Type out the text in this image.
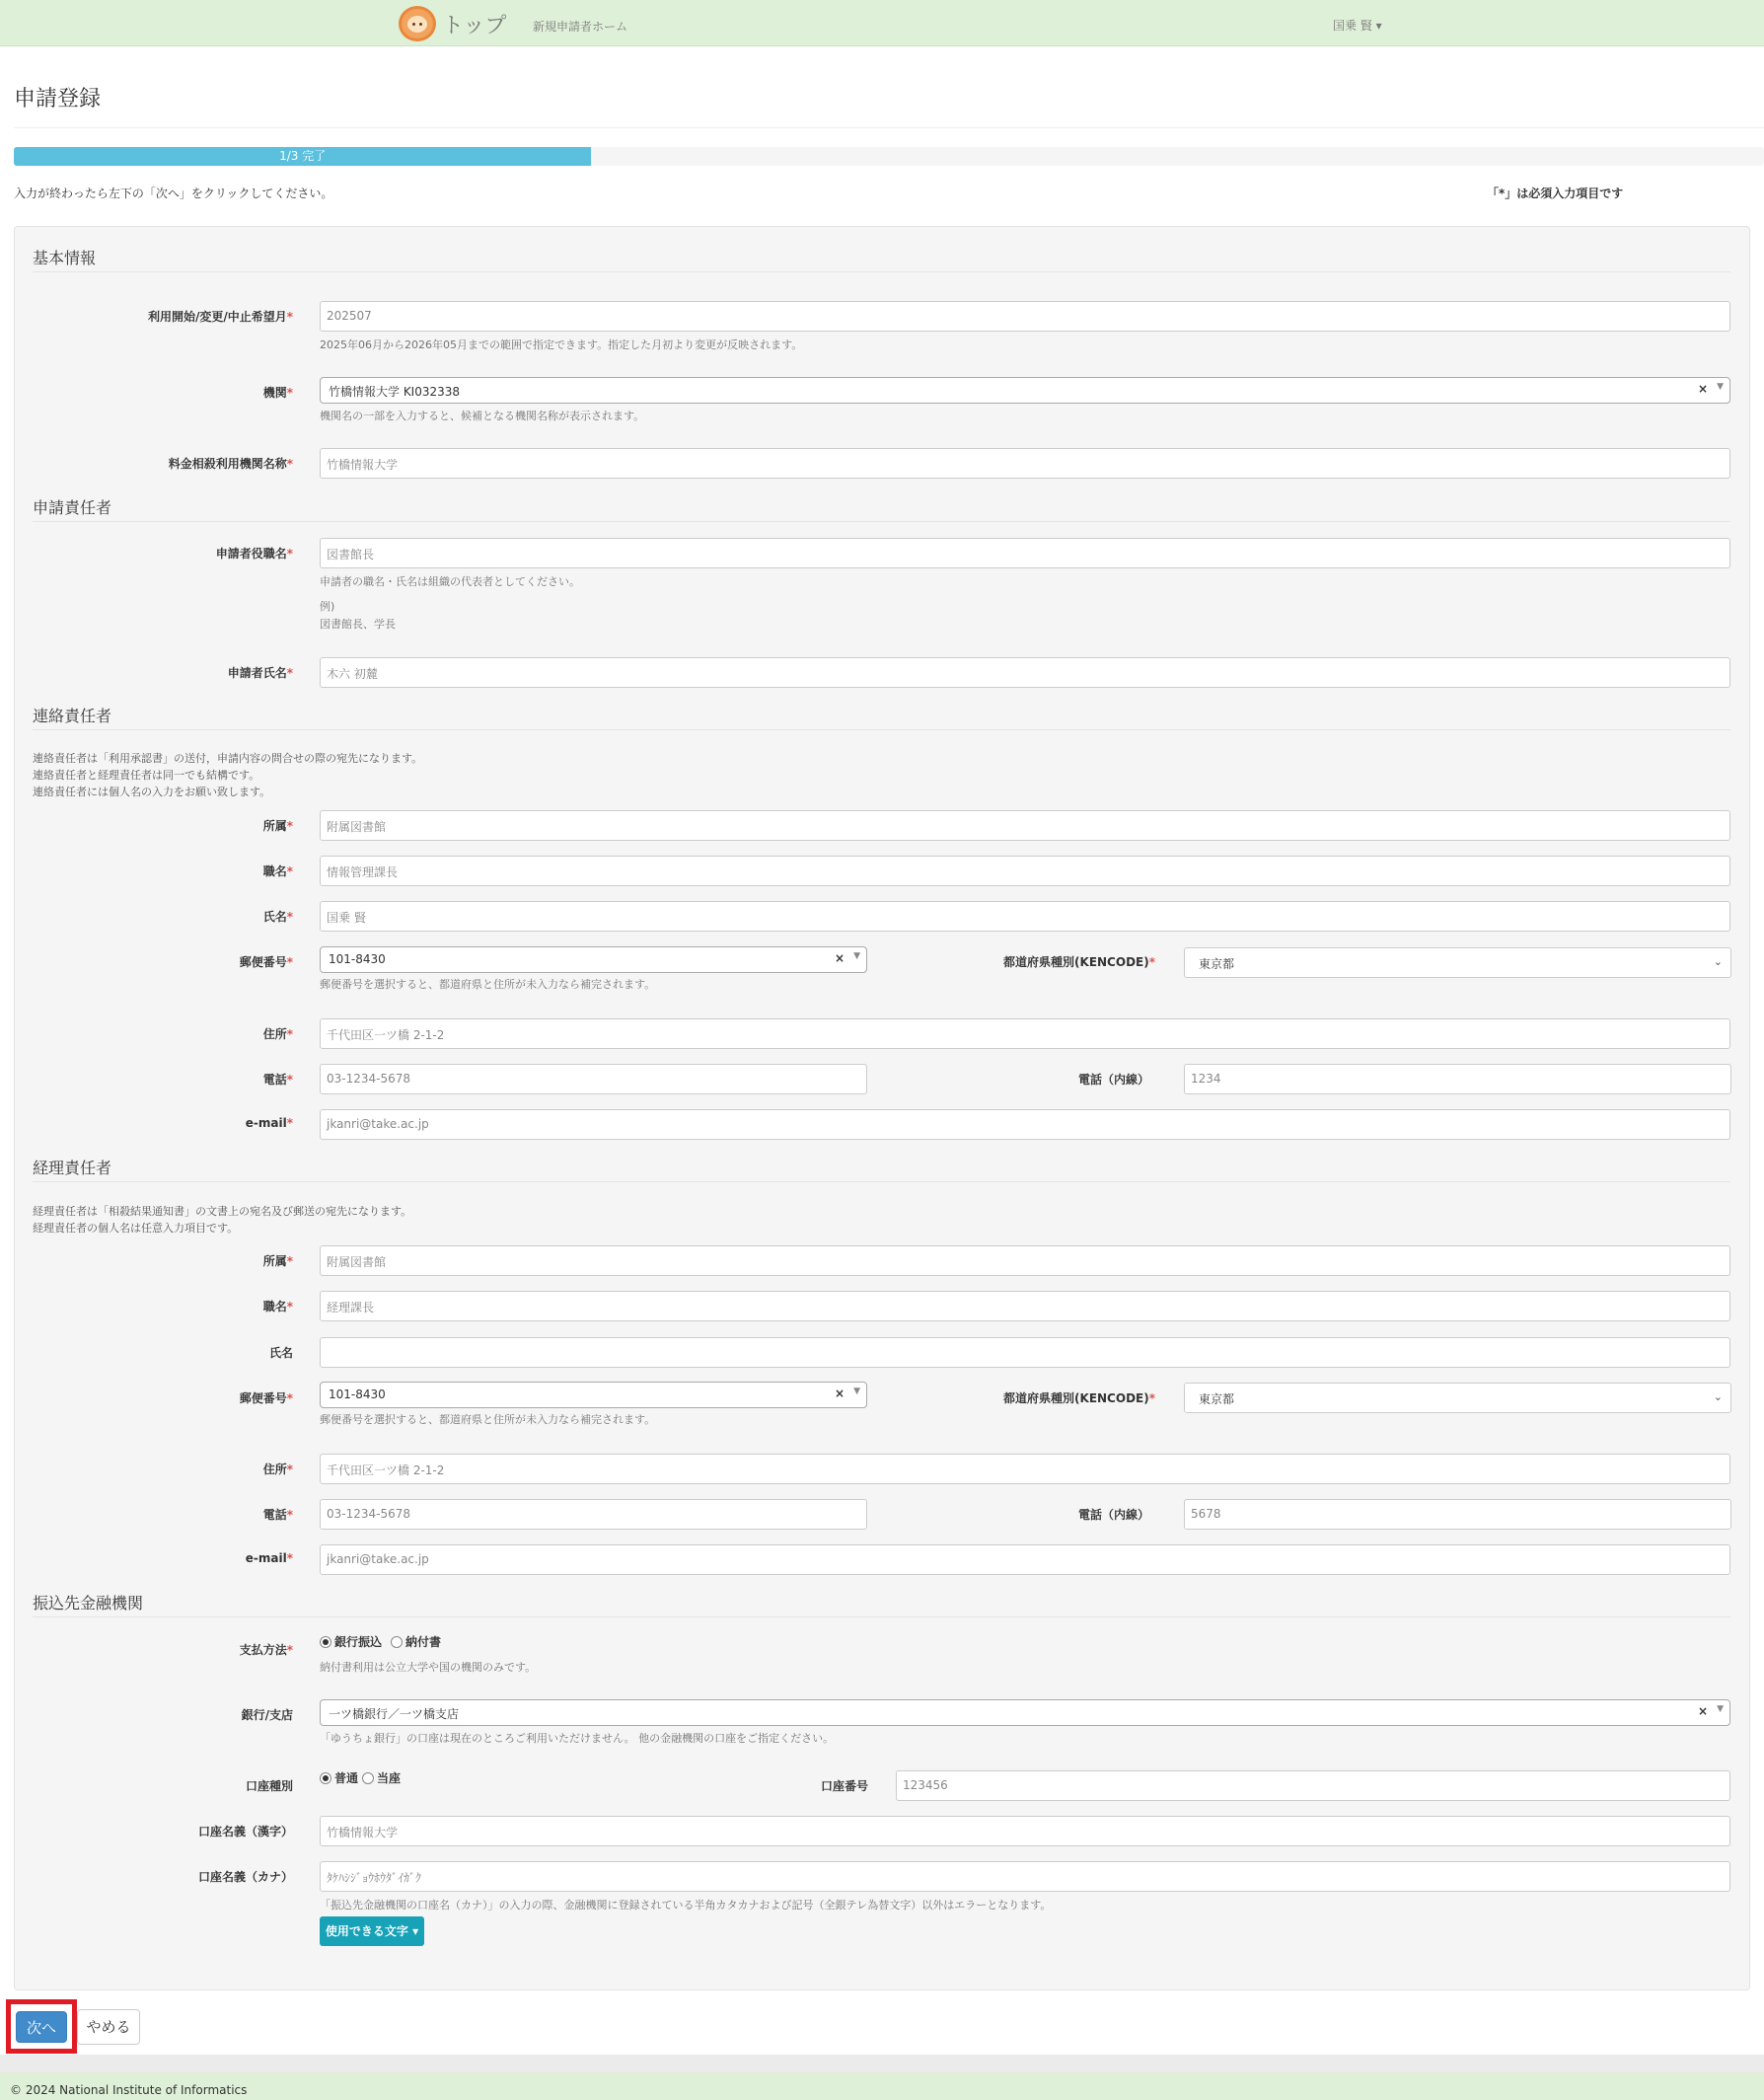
トップ 新規申請者ホーム	国乗 賢 ▾
申請登録
1/3 完了
入力が終わったら左下の「次へ」をクリックしてください。	「*」は必須入力項目です
基本情報
利用開始/変更/中止希望月*	202507
2025年06月から2026年05月までの範囲で指定できます。指定した月初より変更が反映されます。
機関*	竹橋情報大学 KI032338	× ▼
機関名の一部を入力すると、候補となる機関名称が表示されます。
料金相殺利用機関名称*	竹橋情報大学
申請責任者
申請者役職名*	図書館長
申請者の職名・氏名は組織の代表者としてください。
例)
図書館長、学長
申請者氏名*	木六 初麓
連絡責任者
連絡責任者は「利用承認書」の送付，申請内容の問合せの際の宛先になります。
連絡責任者と経理責任者は同一でも結構です。
連絡責任者には個人名の入力をお願い致します。
所属*	附属図書館
職名*	情報管理課長
氏名*	国乗 賢
郵便番号*	101-8430	× ▼
郵便番号を選択すると、都道府県と住所が未入力なら補完されます。
都道府県種別(KENCODE)*	東京都	⌄
住所*	千代田区一ツ橋 2-1-2
電話*	03-1234-5678	電話（内線）	1234
e-mail*	jkanri@take.ac.jp
経理責任者
経理責任者は「相殺結果通知書」の文書上の宛名及び郵送の宛先になります。
経理責任者の個人名は任意入力項目です。
所属*	附属図書館
職名*	経理課長
氏名
郵便番号*	101-8430	× ▼
郵便番号を選択すると、都道府県と住所が未入力なら補完されます。
都道府県種別(KENCODE)*	東京都	⌄
住所*	千代田区一ツ橋 2-1-2
電話*	03-1234-5678	電話（内線）	5678
e-mail*	jkanri@take.ac.jp
振込先金融機関
支払方法*
銀行振込	納付書
納付書利用は公立大学や国の機関のみです。
銀行/支店	一ツ橋銀行／一ツ橋支店	× ▼
「ゆうちょ銀行」の口座は現在のところご利用いただけません。 他の金融機関の口座をご指定ください。
口座種別
普通	当座
口座番号	123456
口座名義（漢字）	竹橋情報大学
口座名義（カナ）	ﾀｹﾊｼｼﾞｮｳﾎｳﾀﾞｲｶﾞｸ
「振込先金融機関の口座名（カナ）」の入力の際、金融機関に登録されている半角カタカナおよび記号（全銀テレ為替文字）以外はエラーとなります。
使用できる文字 ▾
次へ	やめる
© 2024 National Institute of Informatics
